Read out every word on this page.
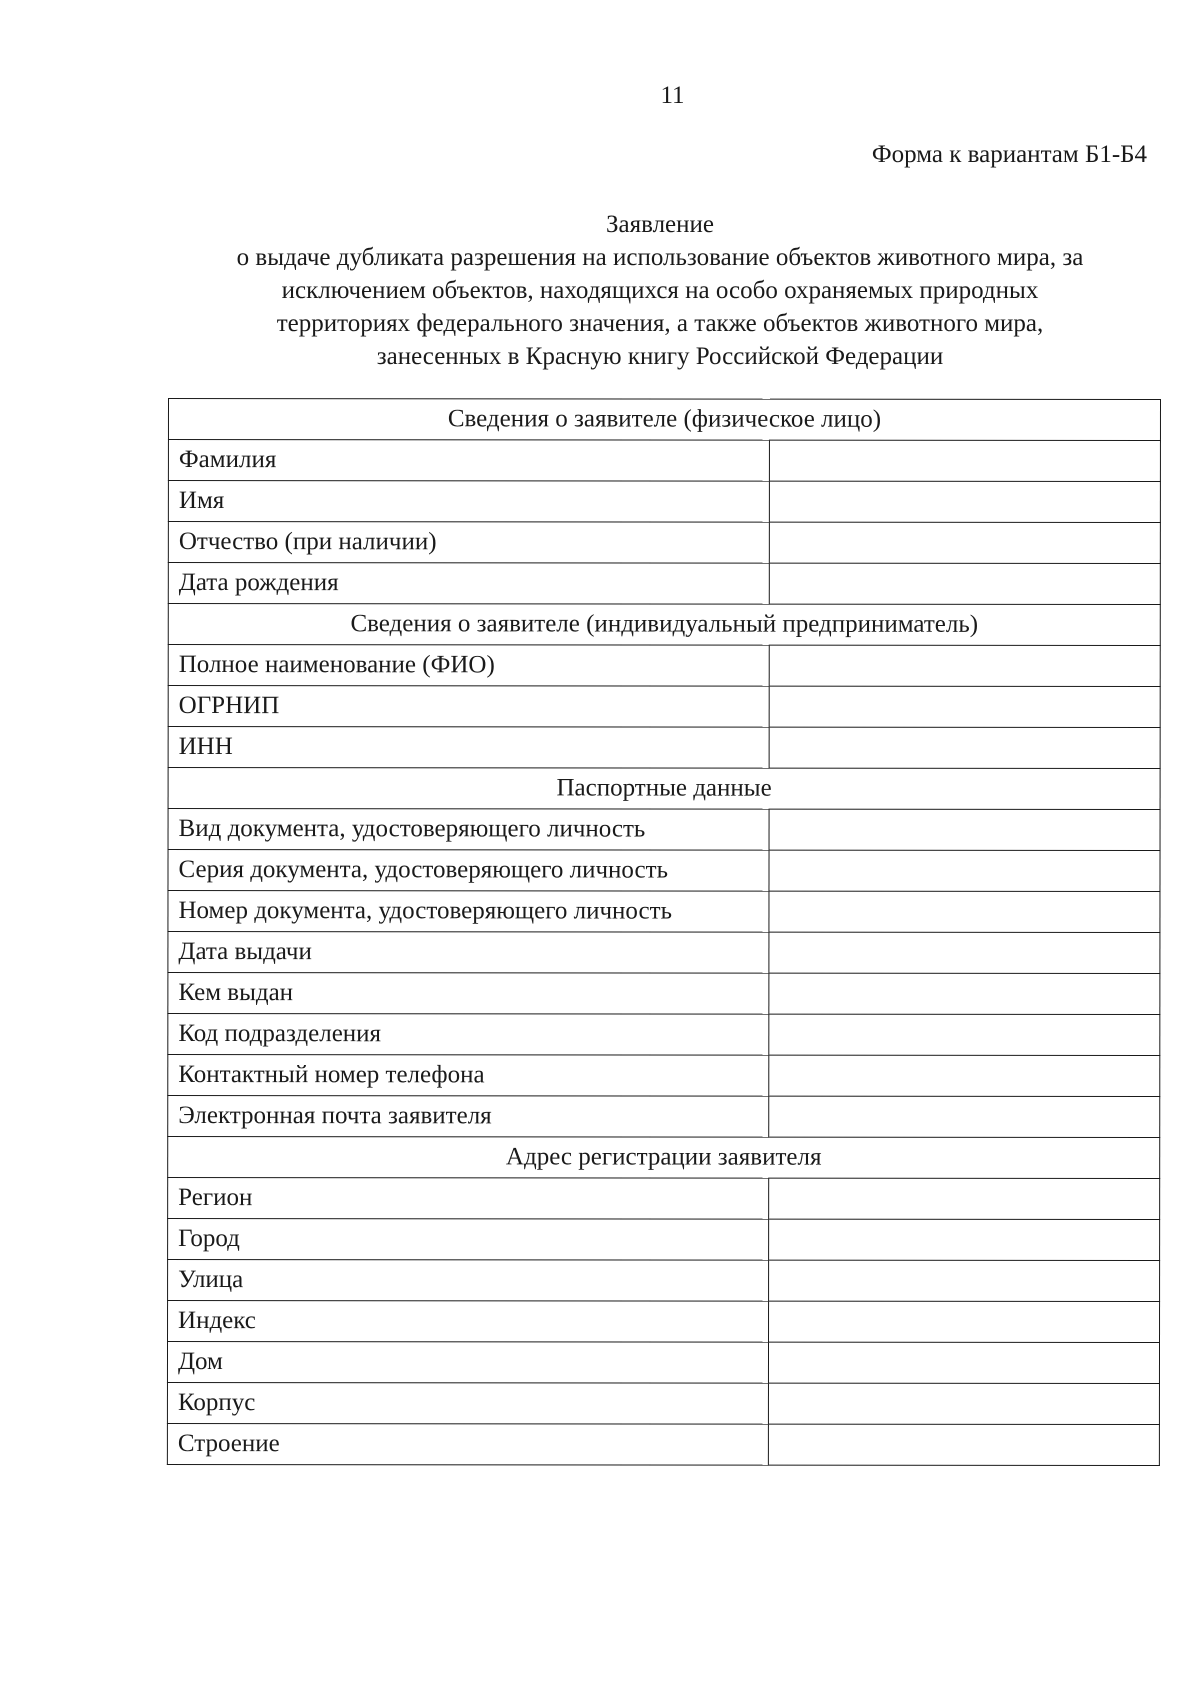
11
Форма к вариантам Б1-Б4
Заявление
о выдаче дубликата разрешения на использование объектов животного мира, за
исключением объектов, находящихся на особо охраняемых природных
территориях федерального значения, а также объектов животного мира,
занесенных в Красную книгу Российской Федерации
Сведения о заявителе (физическое лицо)	
Фамилия	
Имя	
Отчество (при наличии)	
Дата рождения	
Сведения о заявителе (индивидуальный предприниматель)	
Полное наименование (ФИО)	
ОГРНИП	
ИНН	
Паспортные данные	
Вид документа, удостоверяющего личность	
Серия документа, удостоверяющего личность	
Номер документа, удостоверяющего личность	
Дата выдачи	
Кем выдан	
Код подразделения	
Контактный номер телефона	
Электронная почта заявителя	
Адрес регистрации заявителя	
Регион	
Город	
Улица	
Индекс	
Дом	
Корпус	
Строение	
